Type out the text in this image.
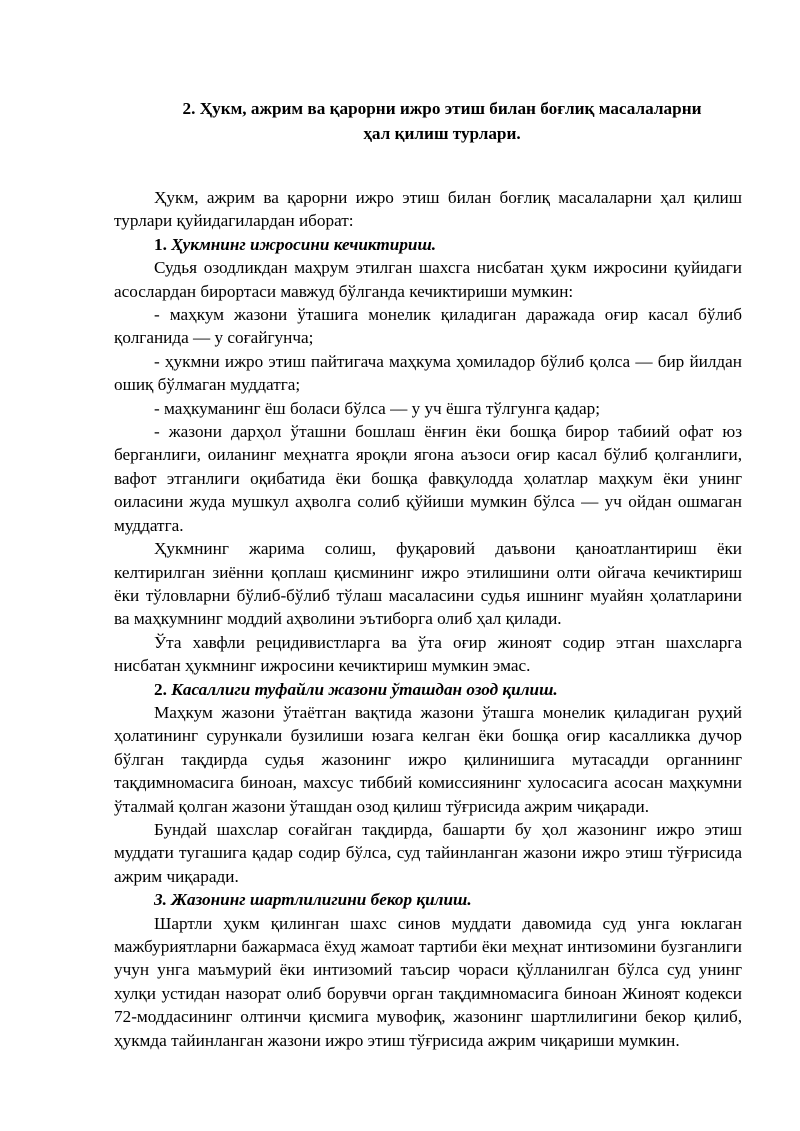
2. Ҳукм, ажрим ва қарорни ижро этиш билан боғлиқ масалаларни
ҳал қилиш турлари.

Ҳукм, ажрим ва қарорни ижро этиш билан боғлиқ масалаларни ҳал қилиш турлари қуйидагилардан иборат:

1. Ҳукмнинг ижросини кечиктириш.

Судья озодликдан маҳрум этилган шахсга нисбатан ҳукм ижросини қуйидаги асослардан бирортаси мавжуд бўлганда кечиктириши мумкин:

- маҳкум жазони ўташига монелик қиладиган даражада оғир касал бўлиб қолганида — у соғайгунча;

- ҳукмни ижро этиш пайтигача маҳкума ҳомиладор бўлиб қолса — бир йилдан ошиқ бўлмаган муддатга;

- маҳкуманинг ёш боласи бўлса — у уч ёшга тўлгунга қадар;

- жазони дарҳол ўташни бошлаш ёнғин ёки бошқа бирор табиий офат юз берганлиги, оиланинг меҳнатга яроқли ягона аъзоси оғир касал бўлиб қолганлиги, вафот этганлиги оқибатида ёки бошқа фавқулодда ҳолатлар маҳкум ёки унинг оиласини жуда мушкул аҳволга солиб қўйиши мумкин бўлса — уч ойдан ошмаган муддатга.

Ҳукмнинг жарима солиш, фуқаровий даъвони қаноатлантириш ёки келтирилган зиённи қоплаш қисмининг ижро этилишини олти ойгача кечиктириш ёки тўловларни бўлиб-бўлиб тўлаш масаласини судья ишнинг муайян ҳолатларини ва маҳкумнинг моддий аҳволини эътиборга олиб ҳал қилади.

Ўта хавфли рецидивистларга ва ўта оғир жиноят содир этган шахсларга нисбатан ҳукмнинг ижросини кечиктириш мумкин эмас.

2. Касаллиги туфайли жазони ўташдан озод қилиш.

Маҳкум жазони ўтаётган вақтида жазони ўташга монелик қиладиган руҳий ҳолатининг сурункали бузилиши юзага келган ёки бошқа оғир касалликка дучор бўлган тақдирда судья жазонинг ижро қилинишига мутасадди органнинг тақдимномасига биноан, махсус тиббий комиссиянинг хулосасига асосан маҳкумни ўталмай қолган жазони ўташдан озод қилиш тўғрисида ажрим чиқаради.

Бундай шахслар соғайган тақдирда, башарти бу ҳол жазонинг ижро этиш муддати тугашига қадар содир бўлса, суд тайинланган жазони ижро этиш тўғрисида ажрим чиқаради.

3. Жазонинг шартлилигини бекор қилиш.

Шартли ҳукм қилинган шахс синов муддати давомида суд унга юклаган мажбуриятларни бажармаса ёхуд жамоат тартиби ёки меҳнат интизомини бузганлиги учун унга маъмурий ёки интизомий таъсир чораси қўлланилган бўлса суд унинг хулқи устидан назорат олиб борувчи орган тақдимномасига биноан Жиноят кодекси 72-моддасининг олтинчи қисмига мувофиқ, жазонинг шартлилигини бекор қилиб, ҳукмда тайинланган жазони ижро этиш тўғрисида ажрим чиқариши мумкин.
